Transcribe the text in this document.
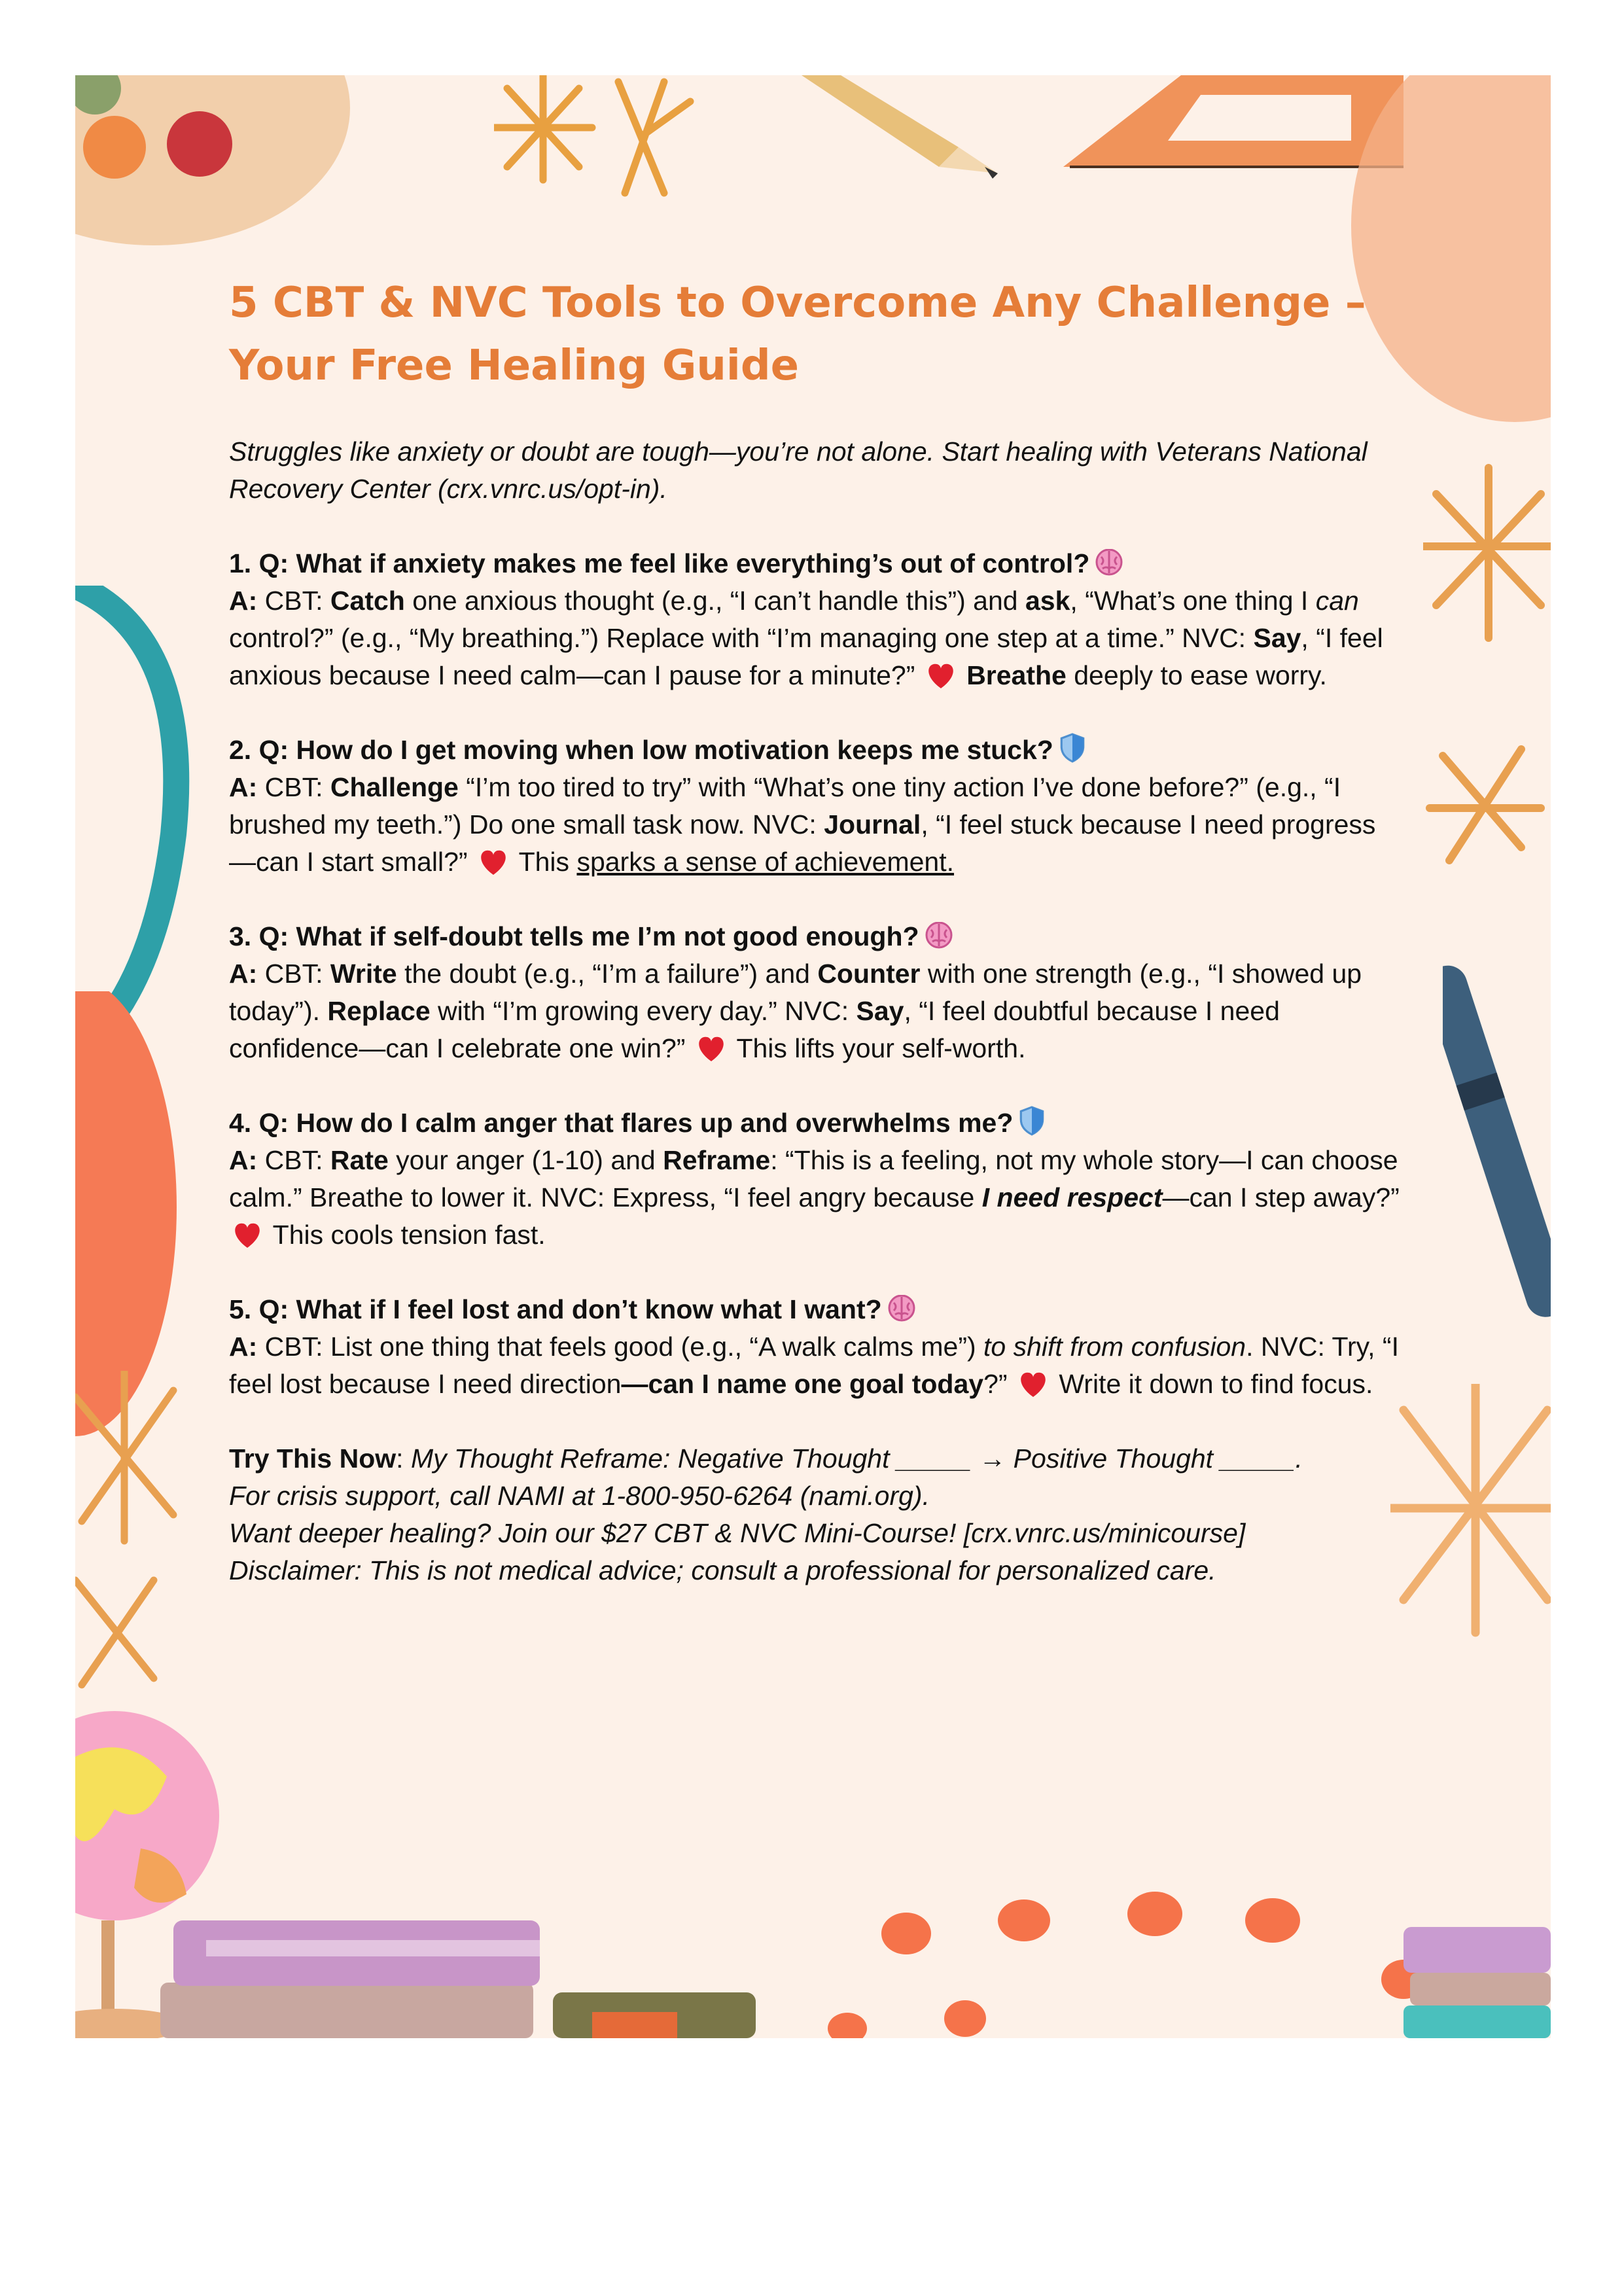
5 CBT & NVC Tools to Overcome Any Challenge – Your Free Healing Guide

Struggles like anxiety or doubt are tough—you’re not alone. Start healing with Veterans National Recovery Center (crx.vnrc.us/opt-in).

1. Q: What if anxiety makes me feel like everything’s out of control?
A: CBT: Catch one anxious thought (e.g., “I can’t handle this”) and ask, “What’s one thing I can control?” (e.g., “My breathing.”) Replace with “I’m managing one step at a time.” NVC: Say, “I feel anxious because I need calm—can I pause for a minute?”  Breathe deeply to ease worry.
2. Q: How do I get moving when low motivation keeps me stuck?
A: CBT: Challenge “I’m too tired to try” with “What’s one tiny action I’ve done before?” (e.g., “I brushed my teeth.”) Do one small task now. NVC: Journal, “I feel stuck because I need progress—can I start small?”  This sparks a sense of achievement.
3. Q: What if self-doubt tells me I’m not good enough?
A: CBT: Write the doubt (e.g., “I’m a failure”) and Counter with one strength (e.g., “I showed up today”). Replace with “I’m growing every day.” NVC: Say, “I feel doubtful because I need confidence—can I celebrate one win?”  This lifts your self-worth.
4. Q: How do I calm anger that flares up and overwhelms me?
A: CBT: Rate your anger (1-10) and Reframe: “This is a feeling, not my whole story—I can choose calm.” Breathe to lower it. NVC: Express, “I feel angry because I need respect—can I step away?”  This cools tension fast.
5. Q: What if I feel lost and don’t know what I want?
A: CBT: List one thing that feels good (e.g., “A walk calms me”) to shift from confusion. NVC: Try, “I feel lost because I need direction—can I name one goal today?”  Write it down to find focus.

Try This Now: My Thought Reframe: Negative Thought _____ → Positive Thought _____.

For crisis support, call NAMI at 1-800-950-6264 (nami.org).

Want deeper healing? Join our $27 CBT & NVC Mini-Course! [crx.vnrc.us/minicourse]

Disclaimer: This is not medical advice; consult a professional for personalized care.
